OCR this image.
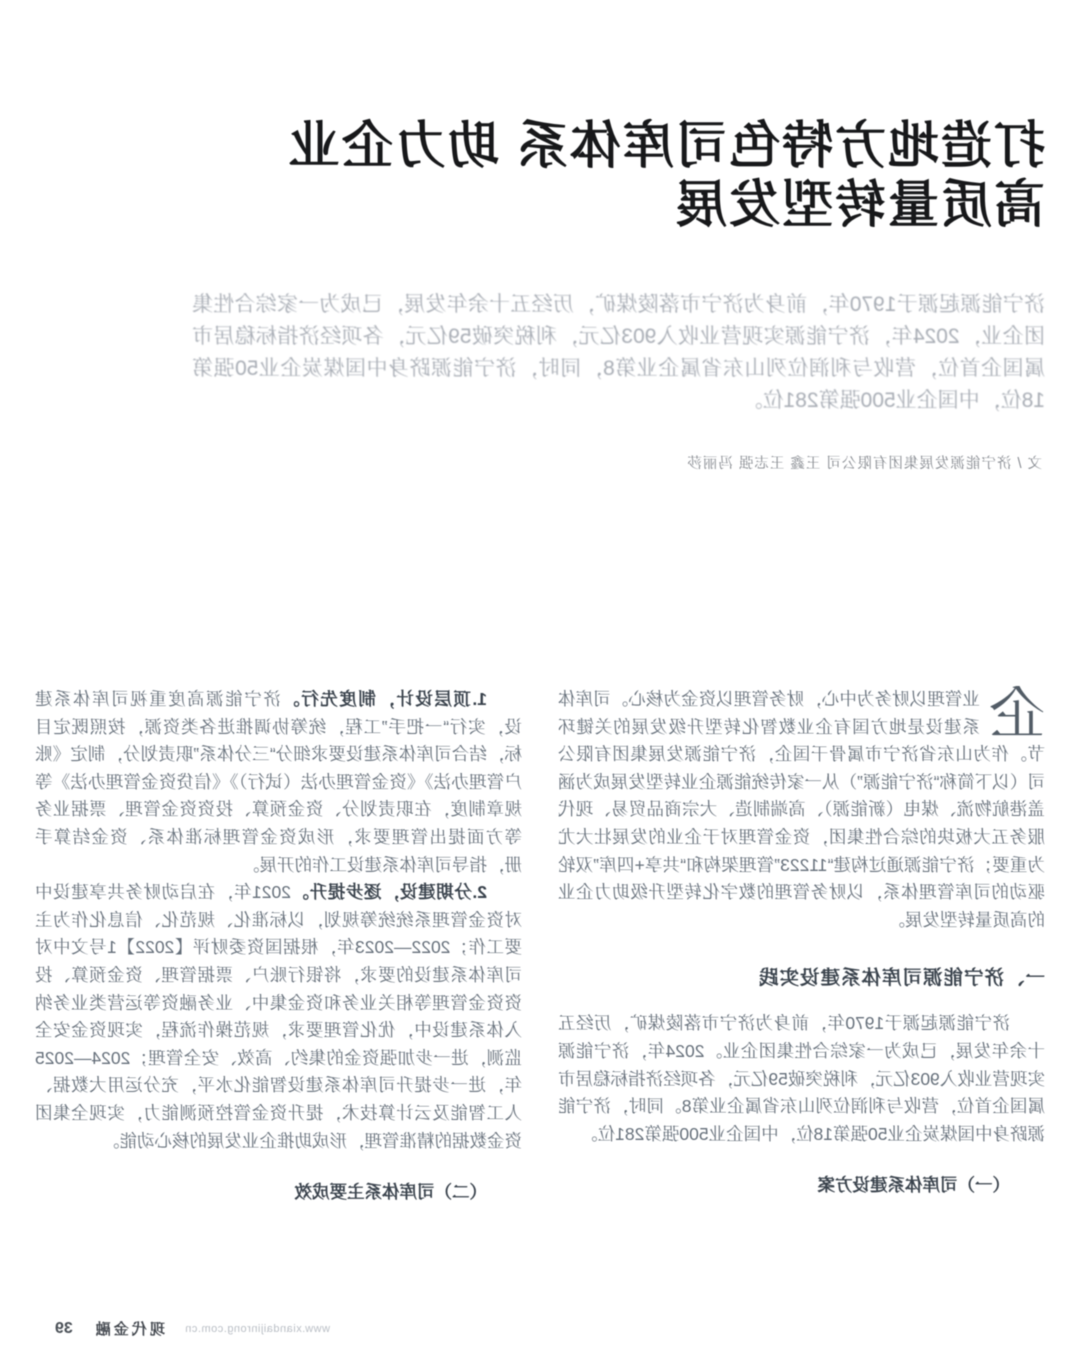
打造地方特色司库体系 助力企业
高质量转型发展
济宁能源起源于1970年，前身为济宁市落陵煤矿，历经五十余年发展，已成为一家综合性集团企业，2024年，济宁能源实现营业收入903亿元，利税突破59亿元，各项经济指标稳居市属国企首位，营收与利润位列山东省属企业第8，同时，济宁能源跻身中国煤炭企业50强第18位，中国企业500强第281位。
文 / 济宁能源发展集团有限公司 王鑫 王志强 冯丽莎

企
业管理以财务为中心，财务管理以资金为核心。司库体系建设是地方国有企业数智化转型升级发展的关键环节。作为山东省济宁市属骨干国企，济宁能源发展集团有限公司（以下简称“济宁能源”）从一家传统能源企业转型发展成为涵盖港航物流、煤电（新能源）、高端制造、大宗商品贸易、现代服务五大板块的综合性集团，资金管理对于企业的发展壮大尤为重要；济宁能源通过构建“11223”管理架构和“共享+四库”双轮驱动的司库管理体系，以财务管理的数字化转型升级助力企业的高质量转型发展。

一、济宁能源司库体系建设实践

济宁能源起源于1970年，前身为济宁市落陵煤矿，历经五十余年发展，已成为一家综合性集团企业。2024年，济宁能源实现营业收入903亿元，利税突破59亿元，各项经济指标稳居市属国企首位，营收与利润位列山东省属企业第8。同时，济宁能源跻身中国煤炭企业50强第18位，中国企业500强第281位。

（一）司库体系建设方案

1.顶层设计，制度先行。济宁能源高度重视司库体系建设，实行“一把手”工程，统筹协调推进各类资源，按照既定目标，结合司库体系建设要求细分“三分体系”职责划分，制定《账户管理办法》《资金管理办法（试行）》《信贷资金管理办法》等规章制度，在职责划分、资金预算、投资资金管理、票据业务等方面提出管理要求，形成资金管理标准体系、资金结算手册，指导司库体系建设工作的开展。

2.分期建设，逐步提升。2021年，在启动财务共享建设中对资金管理系统统筹规划，以标准化、规范化、信息化作为主要工作；2022—2023年，根据国资委财评【2022】1号文中对司库体系建设的要求，将银行账户、票据管理、资金预算、投资资金管理等相关业务和资金集中、业务融资等运营类业务纳入体系建设中，优化管理要求，规范操作流程，实现资金安全监测，进一步加强资金的集约、高效、安全管理；2024—2025年，进一步提升司库体系建设智能化水平，充分运用大数据、人工智能及云计算技术，提升资金管控预测能力，实现全集团资金数据的精准管理，形成助推企业发展的核心动能。

（二）司库体系主要成效

www.xiandaijinrong.com.cn
现代金融
39
